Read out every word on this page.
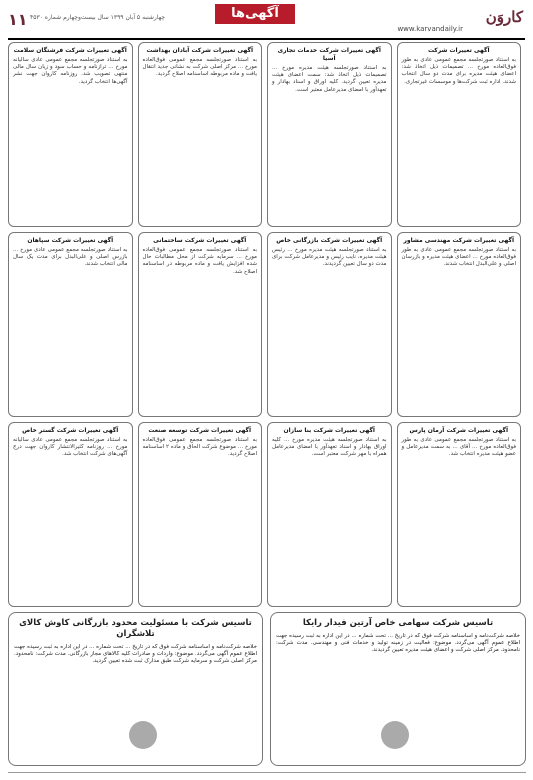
کاروَن
www.karvandaily.ir
آگهی‌ها
۱۱ چهارشنبه ۵ آبان ۱۳۹۹ سال بیست‌وچهارم شماره ۴۵۳۰
آگهی تغییرات شرکت

به استناد صورتجلسه مجمع عمومی عادی به طور فوق‌العاده مورخ ... تصمیمات ذیل اتخاذ شد: اعضای هیئت مدیره برای مدت دو سال انتخاب شدند. اداره ثبت شرکت‌ها و موسسات غیرتجاری.

آگهی تغییرات شرکت خدمات تجاری آسیا

به استناد صورتجلسه هیئت مدیره مورخ ... تصمیمات ذیل اتخاذ شد: سمت اعضای هیئت مدیره تعیین گردید. کلیه اوراق و اسناد بهادار و تعهدآور با امضای مدیرعامل معتبر است.

آگهی تغییرات شرکت آبادان بهداشت

به استناد صورتجلسه مجمع عمومی فوق‌العاده مورخ ... مرکز اصلی شرکت به نشانی جدید انتقال یافت و ماده مربوطه اساسنامه اصلاح گردید.

آگهی تغییرات شرکت فرشتگان سلامت

به استناد صورتجلسه مجمع عمومی عادی سالیانه مورخ ... ترازنامه و حساب سود و زیان سال مالی منتهی تصویب شد. روزنامه کاروان جهت نشر آگهی‌ها انتخاب گردید.

آگهی تغییرات شرکت مهندسی مشاور

به استناد صورتجلسه مجمع عمومی عادی به طور فوق‌العاده مورخ ... اعضای هیئت مدیره و بازرسان اصلی و علی‌البدل انتخاب شدند.

آگهی تغییرات شرکت بازرگانی خاص

به استناد صورتجلسه هیئت مدیره مورخ ... رئیس هیئت مدیره، نایب رئیس و مدیرعامل شرکت برای مدت دو سال تعیین گردیدند.

آگهی تغییرات شرکت ساختمانی

به استناد صورتجلسه مجمع عمومی فوق‌العاده مورخ ... سرمایه شرکت از محل مطالبات حال شده افزایش یافت و ماده مربوطه در اساسنامه اصلاح شد.

آگهی تغییرات شرکت سپاهان

به استناد صورتجلسه مجمع عمومی عادی مورخ ... بازرس اصلی و علی‌البدل برای مدت یک سال مالی انتخاب شدند.

آگهی تغییرات شرکت آرمان پارس

به استناد صورتجلسه مجمع عمومی عادی به طور فوق‌العاده مورخ ... آقای ... به سمت مدیرعامل و عضو هیئت مدیره انتخاب شد.

آگهی تغییرات شرکت بنا سازان

به استناد صورتجلسه هیئت مدیره مورخ ... کلیه اوراق بهادار و اسناد تعهدآور با امضای مدیرعامل همراه با مهر شرکت معتبر است.

آگهی تغییرات شرکت توسعه صنعت

به استناد صورتجلسه مجمع عمومی فوق‌العاده مورخ ... موضوع شرکت الحاق و ماده ۲ اساسنامه اصلاح گردید.

آگهی تغییرات شرکت گستر خاص

به استناد صورتجلسه مجمع عمومی عادی سالیانه مورخ ... روزنامه کثیرالانتشار کاروان جهت درج آگهی‌های شرکت انتخاب شد.

تاسیس شرکت با مسئولیت محدود بازرگانی کاوش کالای تلاشگران

خلاصه شرکت‌نامه و اساسنامه شرکت فوق که در تاریخ ... تحت شماره ... در این اداره به ثبت رسیده جهت اطلاع عموم آگهی می‌گردد. موضوع: واردات و صادرات کلیه کالاهای مجاز بازرگانی. مدت شرکت: نامحدود. مرکز اصلی شرکت و سرمایه شرکت طبق مدارک ثبت شده تعیین گردید.

تاسیس شرکت سهامی خاص آرتین فیدار رایکا

خلاصه شرکت‌نامه و اساسنامه شرکت فوق که در تاریخ ... تحت شماره ... در این اداره به ثبت رسیده جهت اطلاع عموم آگهی می‌گردد. موضوع: فعالیت در زمینه تولید و خدمات فنی و مهندسی. مدت شرکت: نامحدود. مرکز اصلی شرکت و اعضای هیئت مدیره تعیین گردیدند.
